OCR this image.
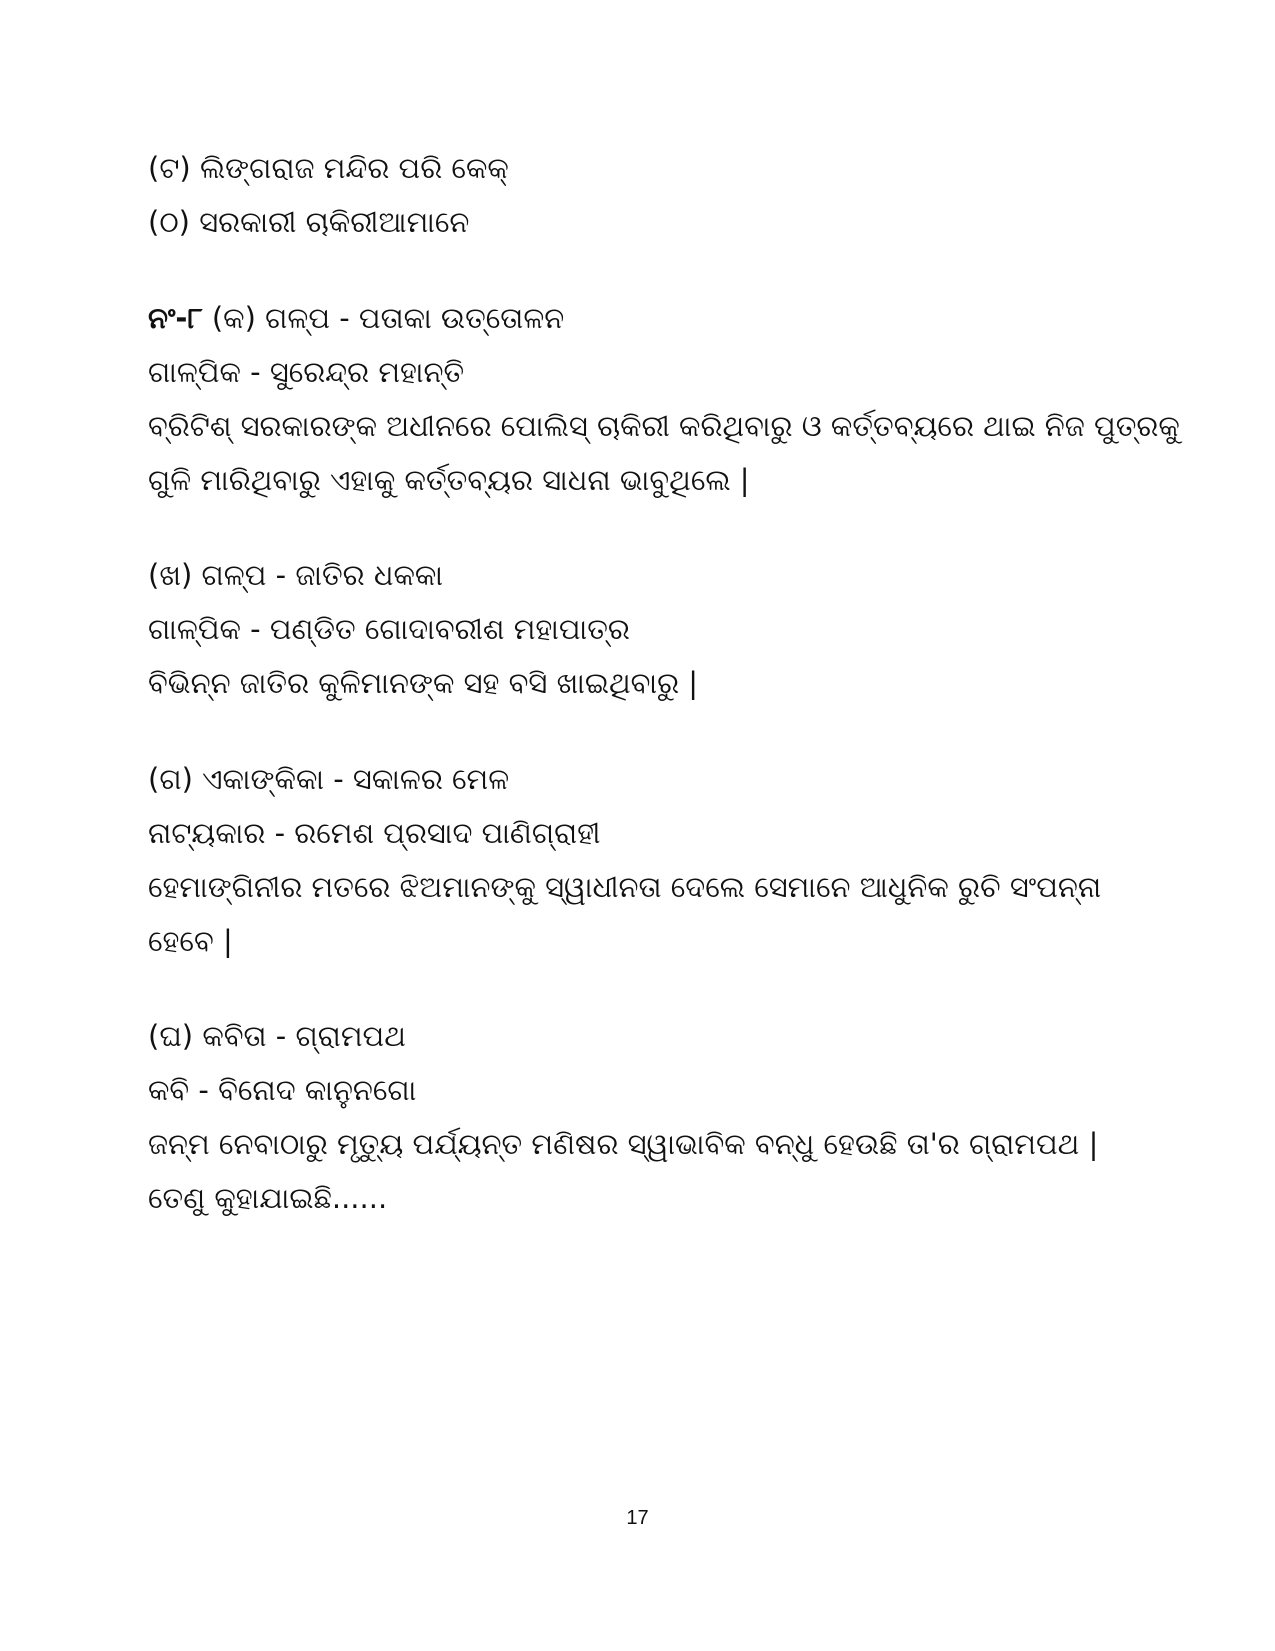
(ଟ) ଲିଙ୍ଗରାଜ ମନ୍ଦିର ପରି କେକ୍
(ଠ) ସରକାରୀ ଚାକିରୀଆମାନେ
ନଂ-୮ (କ) ଗଳ୍ପ - ପତାକା ଉତ୍ତୋଳନ
ଗାଳ୍ପିକ - ସୁରେନ୍ଦ୍ର ମହାନ୍ତି
ବ୍ରିଟିଶ୍ ସରକାରଙ୍କ ଅଧୀନରେ ପୋଲିସ୍ ଚାକିରୀ କରିଥିବାରୁ ଓ କର୍ତ୍ତବ୍ୟରେ ଥାଇ ନିଜ ପୁତ୍ରକୁ
ଗୁଳି ମାରିଥିବାରୁ ଏହାକୁ କର୍ତ୍ତବ୍ୟର ସାଧନା ଭାବୁଥିଲେ |
(ଖ) ଗଳ୍ପ - ଜାତିର ଧକକା
ଗାଳ୍ପିକ - ପଣ୍ଡିତ ଗୋଦାବରୀଶ ମହାପାତ୍ର
ବିଭିନ୍ନ ଜାତିର କୁଳିମାନଙ୍କ ସହ ବସି ଖାଇଥିବାରୁ |
(ଗ) ଏକାଙ୍କିକା - ସକାଳର ମେଳ
ନାଟ୍ୟକାର - ରମେଶ ପ୍ରସାଦ ପାଣିଗ୍ରାହୀ
ହେମାଙ୍ଗିନୀର ମତରେ ଝିଅମାନଙ୍କୁ ସ୍ୱାଧୀନତା ଦେଲେ ସେମାନେ ଆଧୁନିକ ରୁଚି ସଂପନ୍ନା
ହେବେ |
(ଘ) କବିତା - ଗ୍ରାମପଥ
କବି - ବିନୋଦ କାନୁନଗୋ
ଜନ୍ମ ନେବାଠାରୁ ମୃତ୍ୟୁ ପର୍ଯ୍ୟନ୍ତ ମଣିଷର ସ୍ୱାଭାବିକ ବନ୍ଧୁ ହେଉଛି ତା'ର ଗ୍ରାମପଥ |
ତେଣୁ କୁହାଯାଇଛି......
17
